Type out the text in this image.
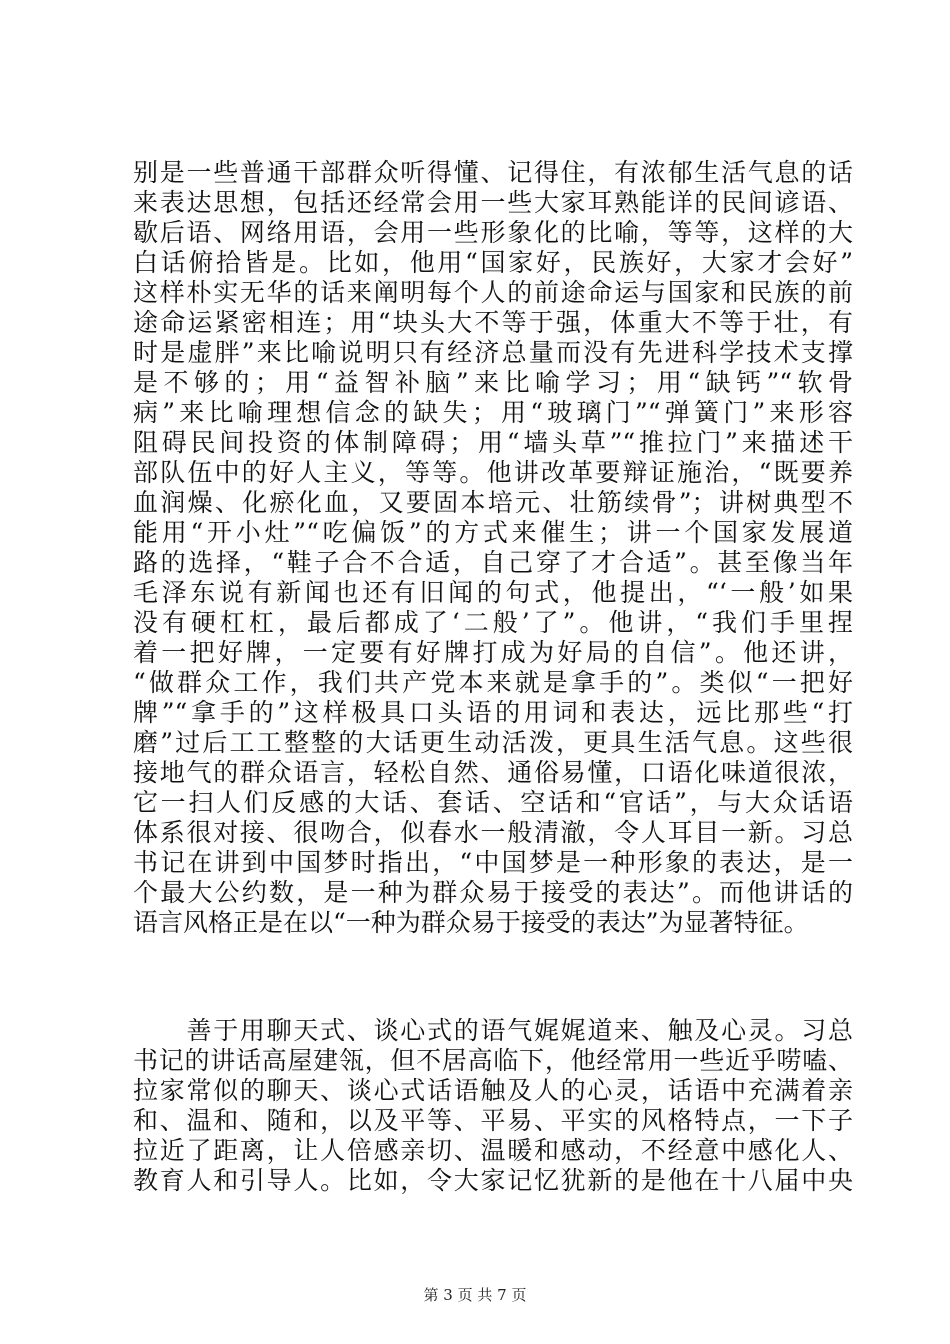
别是一些普通干部群众听得懂、记得住，有浓郁生活气息的话
来表达思想，包括还经常会用一些大家耳熟能详的民间谚语、
歇后语、网络用语，会用一些形象化的比喻，等等，这样的大
白话俯拾皆是。比如，他用“国家好，民族好，大家才会好”
这样朴实无华的话来阐明每个人的前途命运与国家和民族的前
途命运紧密相连；用“块头大不等于强，体重大不等于壮，有
时是虚胖”来比喻说明只有经济总量而没有先进科学技术支撑
是不够的；用“益智补脑”来比喻学习；用“缺钙”“软骨
病”来比喻理想信念的缺失；用“玻璃门”“弹簧门”来形容
阻碍民间投资的体制障碍；用“墙头草”“推拉门”来描述干
部队伍中的好人主义，等等。他讲改革要辩证施治，“既要养
血润燥、化瘀化血，又要固本培元、壮筋续骨”；讲树典型不
能用“开小灶”“吃偏饭”的方式来催生；讲一个国家发展道
路的选择，“鞋子合不合适，自己穿了才合适”。甚至像当年
毛泽东说有新闻也还有旧闻的句式，他提出，“‘一般’如果
没有硬杠杠，最后都成了‘二般’了”。他讲，“我们手里捏
着一把好牌，一定要有好牌打成为好局的自信”。他还讲，
“做群众工作，我们共产党本来就是拿手的”。类似“一把好
牌”“拿手的”这样极具口头语的用词和表达，远比那些“打
磨”过后工工整整的大话更生动活泼，更具生活气息。这些很
接地气的群众语言，轻松自然、通俗易懂，口语化味道很浓，
它一扫人们反感的大话、套话、空话和“官话”，与大众话语
体系很对接、很吻合，似春水一般清澈，令人耳目一新。习总
书记在讲到中国梦时指出，“中国梦是一种形象的表达，是一
个最大公约数，是一种为群众易于接受的表达”。而他讲话的
语言风格正是在以“一种为群众易于接受的表达”为显著特征。
　　善于用聊天式、谈心式的语气娓娓道来、触及心灵。习总
书记的讲话高屋建瓴，但不居高临下，他经常用一些近乎唠嗑、
拉家常似的聊天、谈心式话语触及人的心灵，话语中充满着亲
和、温和、随和，以及平等、平易、平实的风格特点，一下子
拉近了距离，让人倍感亲切、温暖和感动，不经意中感化人、
教育人和引导人。比如，令大家记忆犹新的是他在十八届中央
第 3 页 共 7 页
